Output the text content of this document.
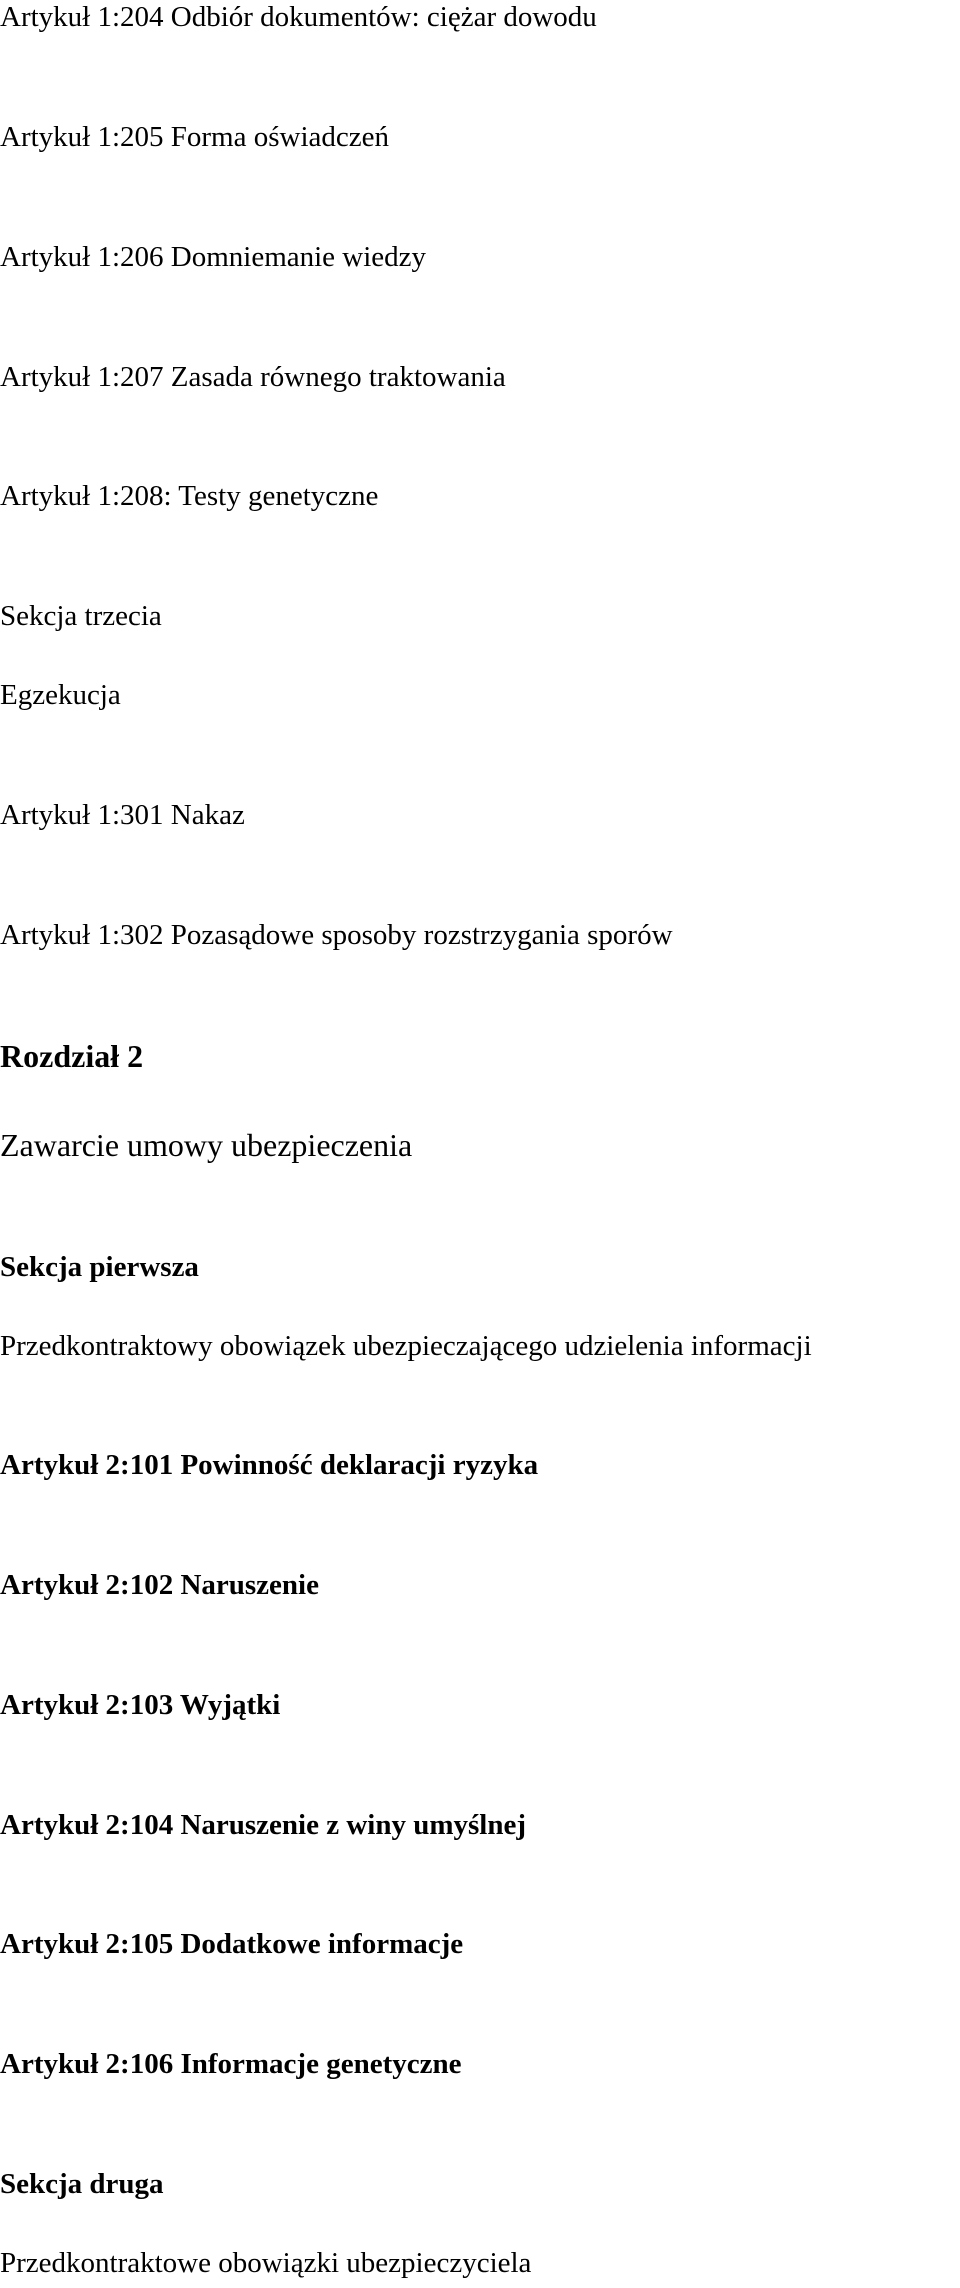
Artykuł 1:204 Odbiór dokumentów: ciężar dowodu
Artykuł 1:205 Forma oświadczeń
Artykuł 1:206 Domniemanie wiedzy
Artykuł 1:207 Zasada równego traktowania
Artykuł 1:208: Testy genetyczne
Sekcja trzecia
Egzekucja
Artykuł 1:301 Nakaz
Artykuł 1:302 Pozasądowe sposoby rozstrzygania sporów
Rozdział 2
Zawarcie umowy ubezpieczenia
Sekcja pierwsza
Przedkontraktowy obowiązek ubezpieczającego udzielenia informacji
Artykuł 2:101 Powinność deklaracji ryzyka
Artykuł 2:102 Naruszenie
Artykuł 2:103 Wyjątki
Artykuł 2:104 Naruszenie z winy umyślnej
Artykuł 2:105 Dodatkowe informacje
Artykuł 2:106 Informacje genetyczne
Sekcja druga
Przedkontraktowe obowiązki ubezpieczyciela
